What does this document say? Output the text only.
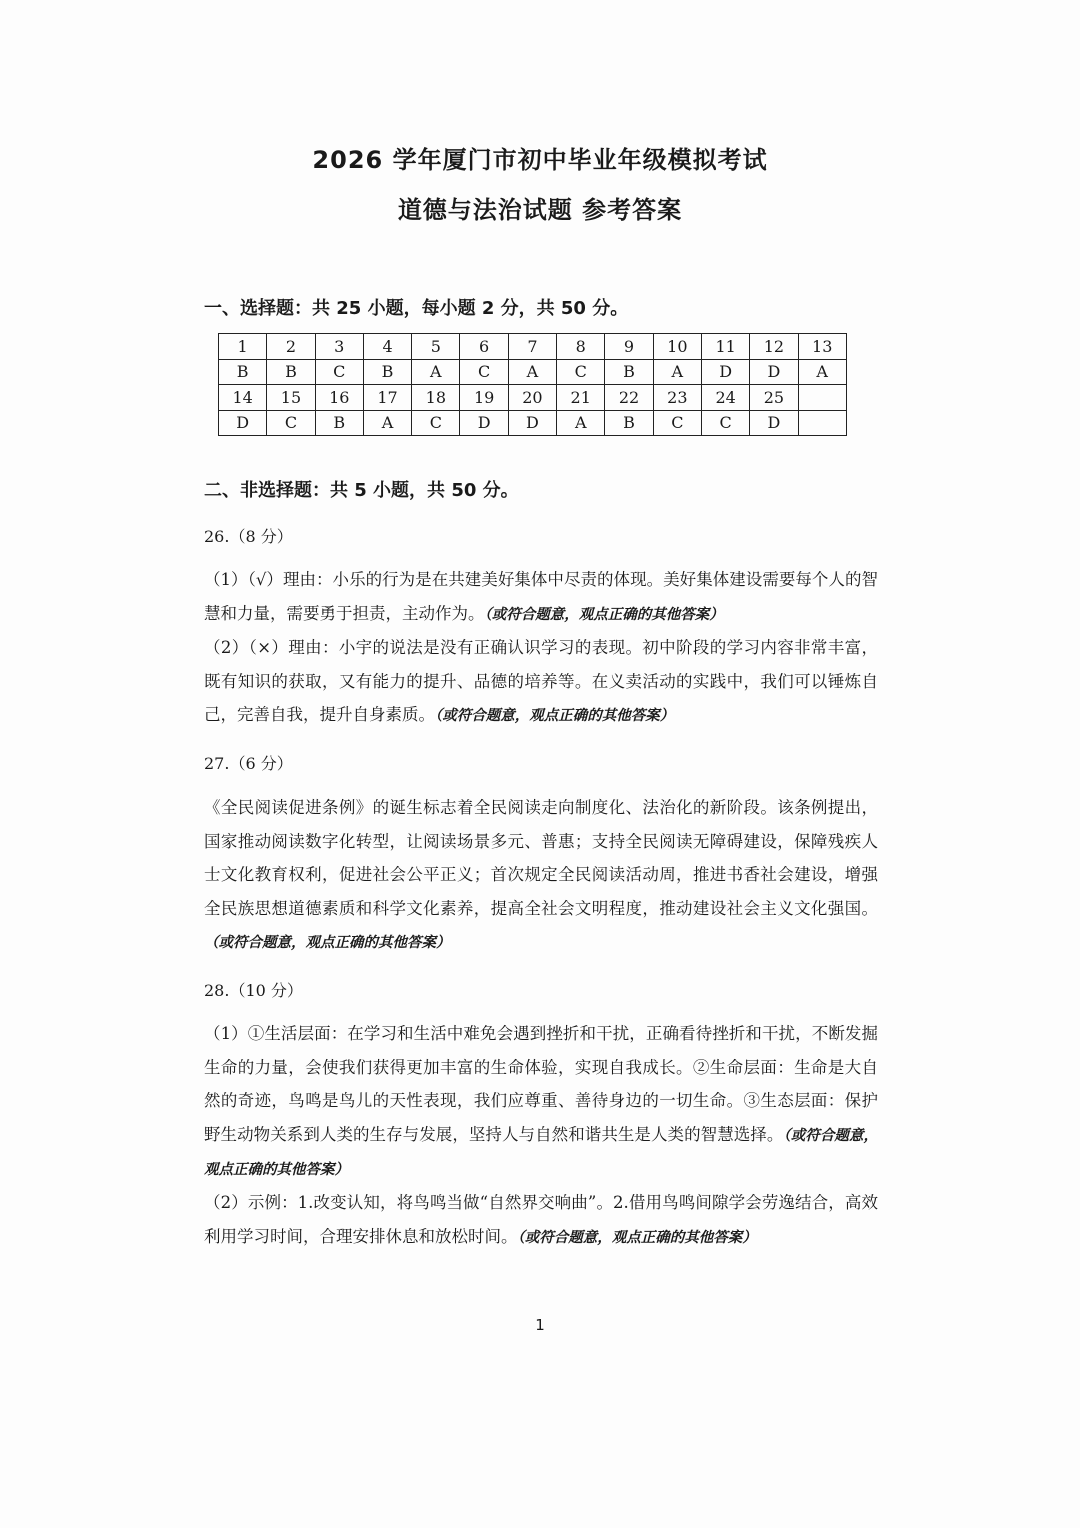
2026 学年厦门市初中毕业年级模拟考试
道德与法治试题 参考答案
一、选择题：共 25 小题，每小题 2 分，共 50 分。
1	2	3	4	5	6	7	8	9	10	11	12	13
B	B	C	B	A	C	A	C	B	A	D	D	A
14	15	16	17	18	19	20	21	22	23	24	25	
D	C	B	A	C	D	D	A	B	C	C	D	
二、非选择题：共 5 小题，共 50 分。
26.（8 分）

（1）（√）理由：小乐的行为是在共建美好集体中尽责的体现。美好集体建设需要每个人的智慧和力量，需要勇于担责，主动作为。（或符合题意，观点正确的其他答案）

（2）（×）理由：小宇的说法是没有正确认识学习的表现。初中阶段的学习内容非常丰富，既有知识的获取，又有能力的提升、品德的培养等。在义卖活动的实践中，我们可以锤炼自己，完善自我，提升自身素质。（或符合题意，观点正确的其他答案）

27.（6 分）

《全民阅读促进条例》的诞生标志着全民阅读走向制度化、法治化的新阶段。该条例提出，国家推动阅读数字化转型，让阅读场景多元、普惠；支持全民阅读无障碍建设，保障残疾人士文化教育权利，促进社会公平正义；首次规定全民阅读活动周，推进书香社会建设，增强全民族思想道德素质和科学文化素养，提高全社会文明程度，推动建设社会主义文化强国。（或符合题意，观点正确的其他答案）

28.（10 分）

（1）①生活层面：在学习和生活中难免会遇到挫折和干扰，正确看待挫折和干扰，不断发掘生命的力量，会使我们获得更加丰富的生命体验，实现自我成长。②生命层面：生命是大自然的奇迹，鸟鸣是鸟儿的天性表现，我们应尊重、善待身边的一切生命。③生态层面：保护野生动物关系到人类的生存与发展，坚持人与自然和谐共生是人类的智慧选择。（或符合题意，观点正确的其他答案）

（2）示例：1.改变认知，将鸟鸣当做“自然界交响曲”。2.借用鸟鸣间隙学会劳逸结合，高效利用学习时间，合理安排休息和放松时间。（或符合题意，观点正确的其他答案）

1
